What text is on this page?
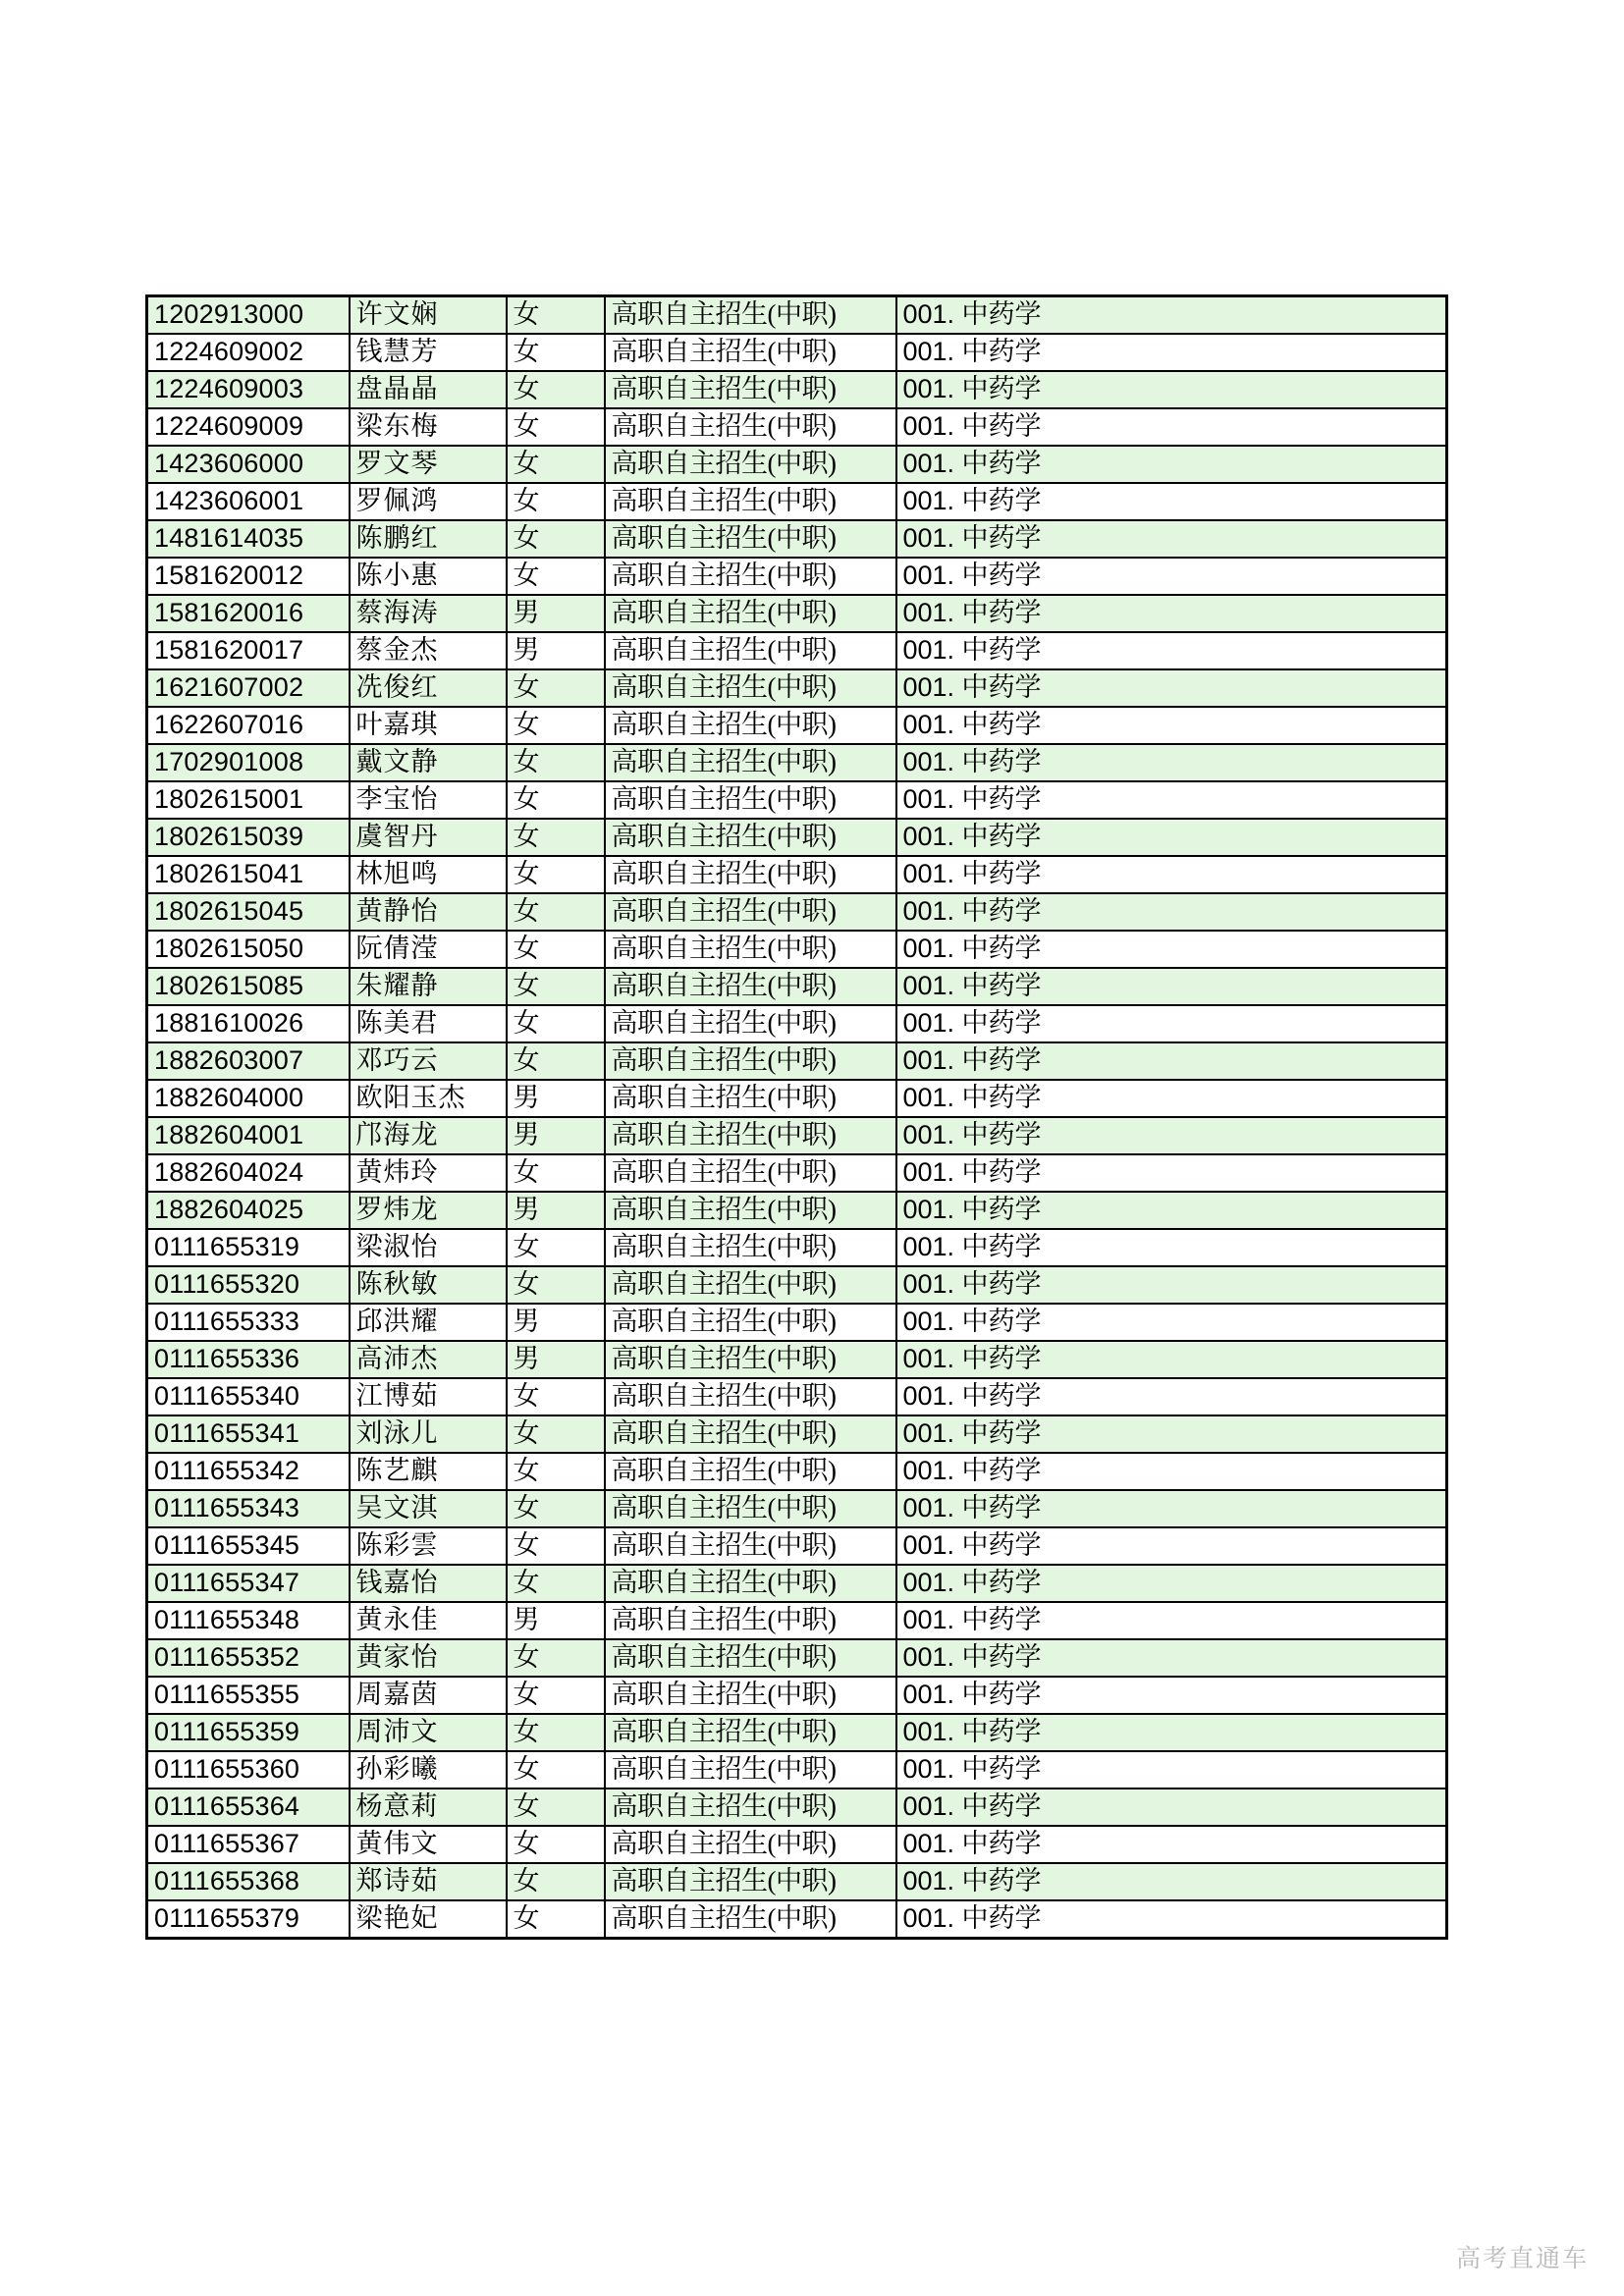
1202913000	许文娴	女	高职自主招生(中职)	001. 中药学
1224609002	钱慧芳	女	高职自主招生(中职)	001. 中药学
1224609003	盘晶晶	女	高职自主招生(中职)	001. 中药学
1224609009	梁东梅	女	高职自主招生(中职)	001. 中药学
1423606000	罗文琴	女	高职自主招生(中职)	001. 中药学
1423606001	罗佩鸿	女	高职自主招生(中职)	001. 中药学
1481614035	陈鹏红	女	高职自主招生(中职)	001. 中药学
1581620012	陈小惠	女	高职自主招生(中职)	001. 中药学
1581620016	蔡海涛	男	高职自主招生(中职)	001. 中药学
1581620017	蔡金杰	男	高职自主招生(中职)	001. 中药学
1621607002	冼俊红	女	高职自主招生(中职)	001. 中药学
1622607016	叶嘉琪	女	高职自主招生(中职)	001. 中药学
1702901008	戴文静	女	高职自主招生(中职)	001. 中药学
1802615001	李宝怡	女	高职自主招生(中职)	001. 中药学
1802615039	虞智丹	女	高职自主招生(中职)	001. 中药学
1802615041	林旭鸣	女	高职自主招生(中职)	001. 中药学
1802615045	黄静怡	女	高职自主招生(中职)	001. 中药学
1802615050	阮倩滢	女	高职自主招生(中职)	001. 中药学
1802615085	朱耀静	女	高职自主招生(中职)	001. 中药学
1881610026	陈美君	女	高职自主招生(中职)	001. 中药学
1882603007	邓巧云	女	高职自主招生(中职)	001. 中药学
1882604000	欧阳玉杰	男	高职自主招生(中职)	001. 中药学
1882604001	邝海龙	男	高职自主招生(中职)	001. 中药学
1882604024	黄炜玲	女	高职自主招生(中职)	001. 中药学
1882604025	罗炜龙	男	高职自主招生(中职)	001. 中药学
0111655319	梁淑怡	女	高职自主招生(中职)	001. 中药学
0111655320	陈秋敏	女	高职自主招生(中职)	001. 中药学
0111655333	邱洪耀	男	高职自主招生(中职)	001. 中药学
0111655336	高沛杰	男	高职自主招生(中职)	001. 中药学
0111655340	江博茹	女	高职自主招生(中职)	001. 中药学
0111655341	刘泳儿	女	高职自主招生(中职)	001. 中药学
0111655342	陈艺麒	女	高职自主招生(中职)	001. 中药学
0111655343	吴文淇	女	高职自主招生(中职)	001. 中药学
0111655345	陈彩雲	女	高职自主招生(中职)	001. 中药学
0111655347	钱嘉怡	女	高职自主招生(中职)	001. 中药学
0111655348	黄永佳	男	高职自主招生(中职)	001. 中药学
0111655352	黄家怡	女	高职自主招生(中职)	001. 中药学
0111655355	周嘉茵	女	高职自主招生(中职)	001. 中药学
0111655359	周沛文	女	高职自主招生(中职)	001. 中药学
0111655360	孙彩曦	女	高职自主招生(中职)	001. 中药学
0111655364	杨意莉	女	高职自主招生(中职)	001. 中药学
0111655367	黄伟文	女	高职自主招生(中职)	001. 中药学
0111655368	郑诗茹	女	高职自主招生(中职)	001. 中药学
0111655379	梁艳妃	女	高职自主招生(中职)	001. 中药学
高考直通车
